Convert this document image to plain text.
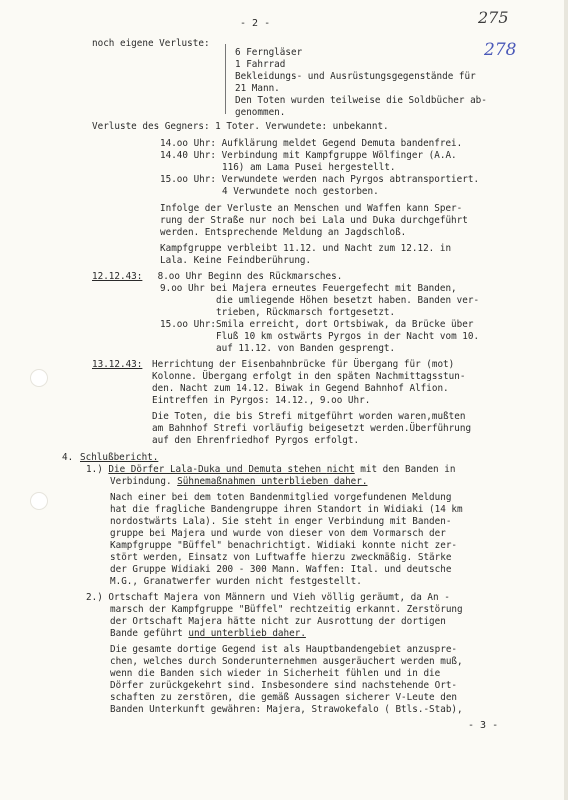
- 2 -	275
278
noch eigene Verluste:
6 Ferngläser
1 Fahrrad
Bekleidungs- und Ausrüstungsgegenstände für
21 Mann.
Den Toten wurden teilweise die Soldbücher ab-
genommen.
Verluste des Gegners: 1 Toter. Verwundete: unbekannt.
14.oo Uhr: Aufklärung meldet Gegend Demuta bandenfrei.
14.40 Uhr: Verbindung mit Kampfgruppe Wölfinger (A.A.
116) am Lama Pusei hergestellt.
15.oo Uhr: Verwundete werden nach Pyrgos abtransportiert.
4 Verwundete noch gestorben.
Infolge der Verluste an Menschen und Waffen kann Sper-
rung der Straße nur noch bei Lala und Duka durchgeführt
werden. Entsprechende Meldung an Jagdschloß.
Kampfgruppe verbleibt 11.12. und Nacht zum 12.12. in
Lala. Keine Feindberührung.
12.12.43: 8.oo Uhr Beginn des Rückmarsches.
9.oo Uhr bei Majera erneutes Feuergefecht mit Banden,
die umliegende Höhen besetzt haben. Banden ver-
trieben, Rückmarsch fortgesetzt.
15.oo Uhr:Smila erreicht, dort Ortsbiwak, da Brücke über
Fluß 10 km ostwärts Pyrgos in der Nacht vom 10.
auf 11.12. von Banden gesprengt.
13.12.43: Herrichtung der Eisenbahnbrücke für Übergang für (mot)
Kolonne. Übergang erfolgt in den späten Nachmittagsstun-
den. Nacht zum 14.12. Biwak in Gegend Bahnhof Alfion.
Eintreffen in Pyrgos: 14.12., 9.oo Uhr.
Die Toten, die bis Strefi mitgeführt worden waren,mußten
am Bahnhof Strefi vorläufig beigesetzt werden.Überführung
auf den Ehrenfriedhof Pyrgos erfolgt.
4. Schlußbericht.
1.) Die Dörfer Lala-Duka und Demuta stehen nicht mit den Banden in
Verbindung. Sühnemaßnahmen unterblieben daher.
Nach einer bei dem toten Bandenmitglied vorgefundenen Meldung
hat die fragliche Bandengruppe ihren Standort in Widiaki (14 km
nordostwärts Lala). Sie steht in enger Verbindung mit Banden-
gruppe bei Majera und wurde von dieser von dem Vormarsch der
Kampfgruppe "Büffel" benachrichtigt. Widiaki konnte nicht zer-
stört werden, Einsatz von Luftwaffe hierzu zweckmäßig. Stärke
der Gruppe Widiaki 200 - 300 Mann. Waffen: Ital. und deutsche
M.G., Granatwerfer wurden nicht festgestellt.
2.) Ortschaft Majera von Männern und Vieh völlig geräumt, da An -
marsch der Kampfgruppe "Büffel" rechtzeitig erkannt. Zerstörung
der Ortschaft Majera hätte nicht zur Ausrottung der dortigen
Bande geführt und unterblieb daher.
Die gesamte dortige Gegend ist als Hauptbandengebiet anzuspre-
chen, welches durch Sonderunternehmen ausgeräuchert werden muß,
wenn die Banden sich wieder in Sicherheit fühlen und in die
Dörfer zurückgekehrt sind. Insbesondere sind nachstehende Ort-
schaften zu zerstören, die gemäß Aussagen sicherer V-Leute den
Banden Unterkunft gewähren: Majera, Strawokefalo ( Btls.-Stab),
- 3 -
